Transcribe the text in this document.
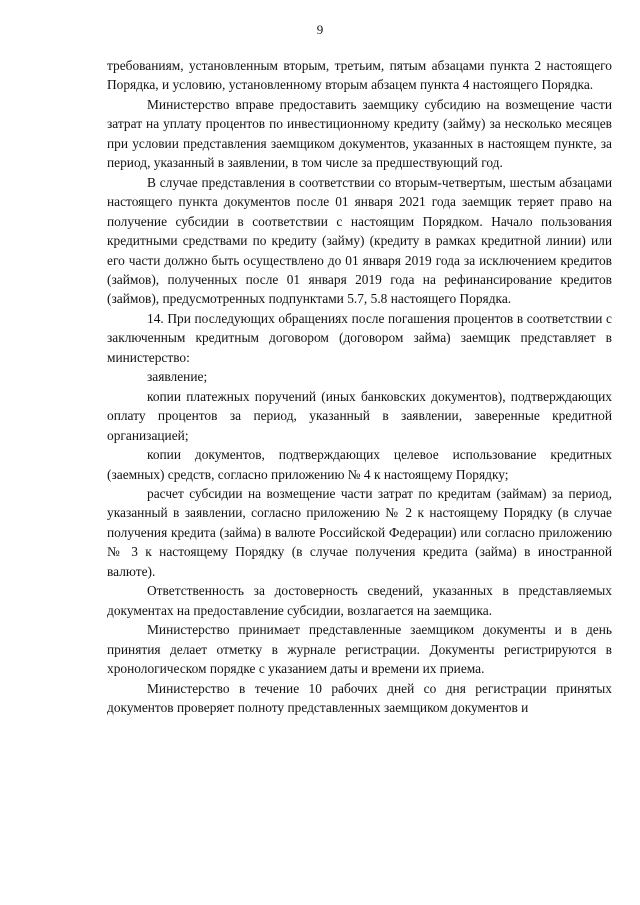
9

требованиям, установленным вторым, третьим, пятым абзацами пункта 2 настоящего Порядка, и условию, установленному вторым абзацем пункта 4 настоящего Порядка.

Министерство вправе предоставить заемщику субсидию на возмещение части затрат на уплату процентов по инвестиционному кредиту (займу) за несколько месяцев при условии представления заемщиком документов, указанных в настоящем пункте, за период, указанный в заявлении, в том числе за предшествующий год.

В случае представления в соответствии со вторым-четвертым, шестым абзацами настоящего пункта документов после 01 января 2021 года заемщик теряет право на получение субсидии в соответствии с настоящим Порядком. Начало пользования кредитными средствами по кредиту (займу) (кредиту в рамках кредитной линии) или его части должно быть осуществлено до 01 января 2019 года за исключением кредитов (займов), полученных после 01 января 2019 года на рефинансирование кредитов (займов), предусмотренных подпунктами 5.7, 5.8 настоящего Порядка.

14. При последующих обращениях после погашения процентов в соответствии с заключенным кредитным договором (договором займа) заемщик представляет в министерство:

заявление;

копии платежных поручений (иных банковских документов), подтверждающих оплату процентов за период, указанный в заявлении, заверенные кредитной организацией;

копии документов, подтверждающих целевое использование кредитных (заемных) средств, согласно приложению № 4 к настоящему Порядку;

расчет субсидии на возмещение части затрат по кредитам (займам) за период, указанный в заявлении, согласно приложению № 2 к настоящему Порядку (в случае получения кредита (займа) в валюте Российской Федерации) или согласно приложению № 3 к настоящему Порядку (в случае получения кредита (займа) в иностранной валюте).

Ответственность за достоверность сведений, указанных в представляемых документах на предоставление субсидии, возлагается на заемщика.

Министерство принимает представленные заемщиком документы и в день принятия делает отметку в журнале регистрации. Документы регистрируются в хронологическом порядке с указанием даты и времени их приема.

Министерство в течение 10 рабочих дней со дня регистрации принятых документов проверяет полноту представленных заемщиком документов и
